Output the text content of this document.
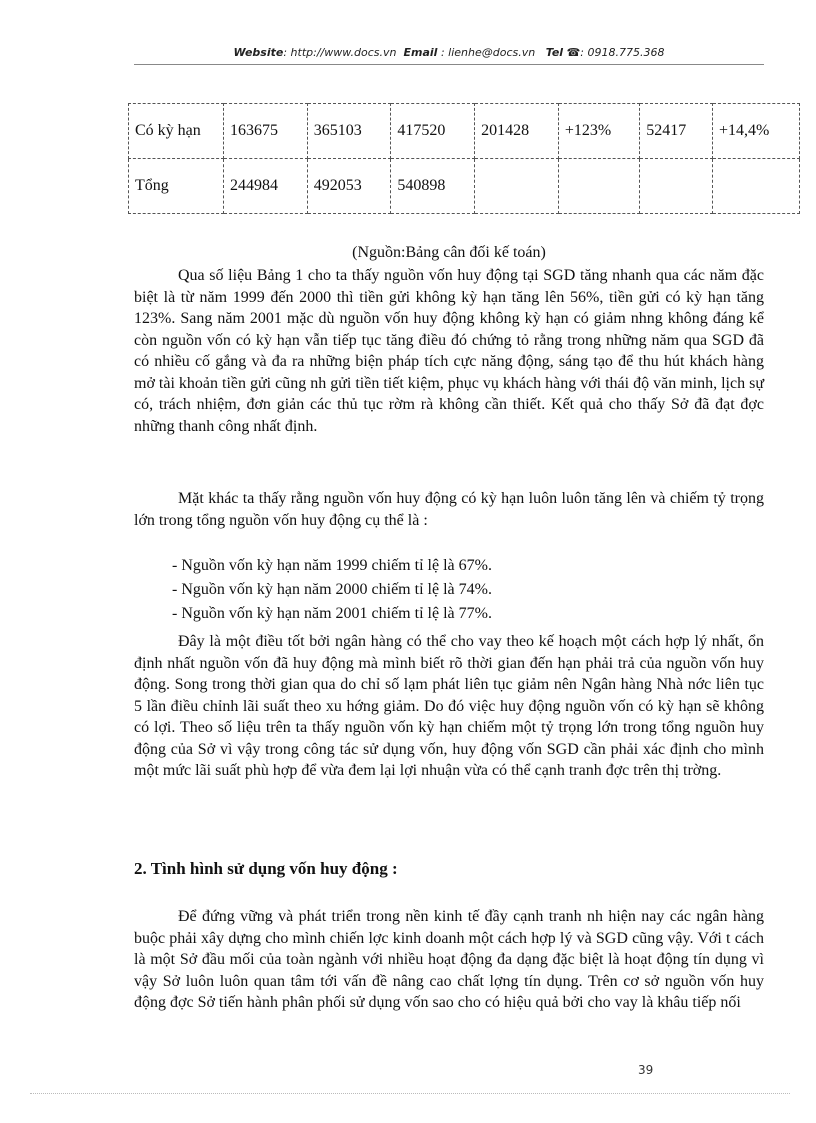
Website: http://www.docs.vn Email : lienhe@docs.vn Tel ☎: 0918.775.368
Có kỳ hạn	163675	365103	417520	201428	+123%	52417	+14,4%
Tổng	244984	492053	540898				
(Nguồn:Bảng cân đối kế toán)

Qua số liệu Bảng 1 cho ta thấy nguồn vốn huy động tại SGD tăng nhanh qua các năm đặc biệt là từ năm 1999 đến 2000 thì tiền gửi không kỳ hạn tăng lên 56%, tiền gửi có kỳ hạn tăng 123%. Sang năm 2001 mặc dù nguồn vốn huy động không kỳ hạn có giảm nhng không đáng kể còn nguồn vốn có kỳ hạn vẫn tiếp tục tăng điều đó chứng tỏ rằng trong những năm qua SGD đã có nhiều cố gắng và đa ra những biện pháp tích cực năng động, sáng tạo để thu hút khách hàng mở tài khoản tiền gửi cũng nh gửi tiền tiết kiệm, phục vụ khách hàng với thái độ văn minh, lịch sự có, trách nhiệm, đơn giản các thủ tục rờm rà không cần thiết. Kết quả cho thấy Sở đã đạt đợc những thanh công nhất định.

Mặt khác ta thấy rằng nguồn vốn huy động có kỳ hạn luôn luôn tăng lên và chiếm tỷ trọng lớn trong tổng nguồn vốn huy động cụ thể là :

- Nguồn vốn kỳ hạn năm 1999 chiếm tỉ lệ là 67%.
- Nguồn vốn kỳ hạn năm 2000 chiếm tỉ lệ là 74%.
- Nguồn vốn kỳ hạn năm 2001 chiếm tỉ lệ là 77%.

Đây là một điều tốt bởi ngân hàng có thể cho vay theo kế hoạch một cách hợp lý nhất, ổn định nhất nguồn vốn đã huy động mà mình biết rõ thời gian đến hạn phải trả của nguồn vốn huy động. Song trong thời gian qua do chỉ số lạm phát liên tục giảm nên Ngân hàng Nhà nớc liên tục 5 lần điều chỉnh lãi suất theo xu hớng giảm. Do đó việc huy động nguồn vốn có kỳ hạn sẽ không có lợi. Theo số liệu trên ta thấy nguồn vốn kỳ hạn chiếm một tỷ trọng lớn trong tổng nguồn huy động của Sở vì vậy trong công tác sử dụng vốn, huy động vốn SGD cần phải xác định cho mình một mức lãi suất phù hợp để vừa đem lại lợi nhuận vừa có thể cạnh tranh đợc trên thị trờng.

2. Tình hình sử dụng vốn huy động :

Để đứng vững và phát triển trong nền kinh tế đầy cạnh tranh nh hiện nay các ngân hàng buộc phải xây dựng cho mình chiến lợc kinh doanh một cách hợp lý và SGD cũng vậy. Với t cách là một Sở đầu mối của toàn ngành với nhiều hoạt động đa dạng đặc biệt là hoạt động tín dụng vì vậy Sở luôn luôn quan tâm tới vấn đề nâng cao chất lợng tín dụng. Trên cơ sở nguồn vốn huy động đợc Sở tiến hành phân phối sử dụng vốn sao cho có hiệu quả bởi cho vay là khâu tiếp nối

39
